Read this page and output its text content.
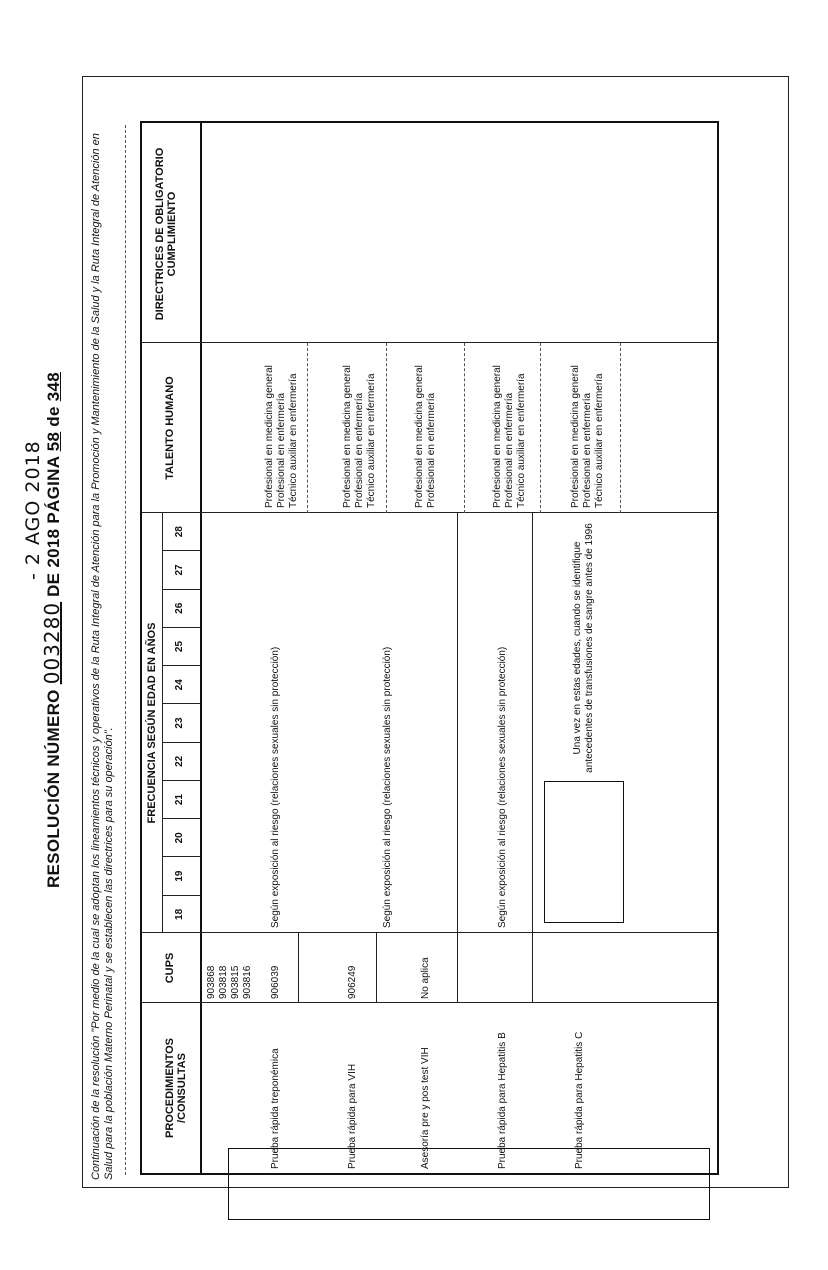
- 2 AGO 2018
RESOLUCIÓN NÚMERO 003280 DE 2018 PÁGINA 58 de 348 Continuación de la resolución "Por medio de la cual se adoptan los lineamientos técnicos y operativos de la Ruta Integral de Atención para la Promoción y Mantenimiento de la Salud y la Ruta Integral de Atención en Salud para la población Materno Perinatal y se establecen las directrices para su operación".	PROCEDIMIENTOS /CONSULTAS
CUPS
FRECUENCIA SEGÚN EDAD EN AÑOS
TALENTO HUMANO
DIRECTRICES DE OBLIGATORIO CUMPLIMIENTO
18
19
20
21
22
23
24
25
26
27
28
903868 903818 903815 903816
Prueba rápida treponémica
906039
Según exposición al riesgo (relaciones sexuales sin protección)
Profesional en medicina general Profesional en enfermería Técnico auxiliar en enfermería
Prueba rápida para VIH
906249
Según exposición al riesgo (relaciones sexuales sin protección)
Profesional en medicina general Profesional en enfermería Técnico auxiliar en enfermería
Asesoría pre y pos test VIH
No aplica
Profesional en medicina general Profesional en enfermería
Prueba rápida para Hepatitis B
Según exposición al riesgo (relaciones sexuales sin protección)
Profesional en medicina general Profesional en enfermería Técnico auxiliar en enfermería
Prueba rápida para Hepatitis C
Una vez en estas edades, cuando se identifique antecedentes de transfusiones de sangre antes de 1996
Profesional en medicina general Profesional en enfermería Técnico auxiliar en enfermería
